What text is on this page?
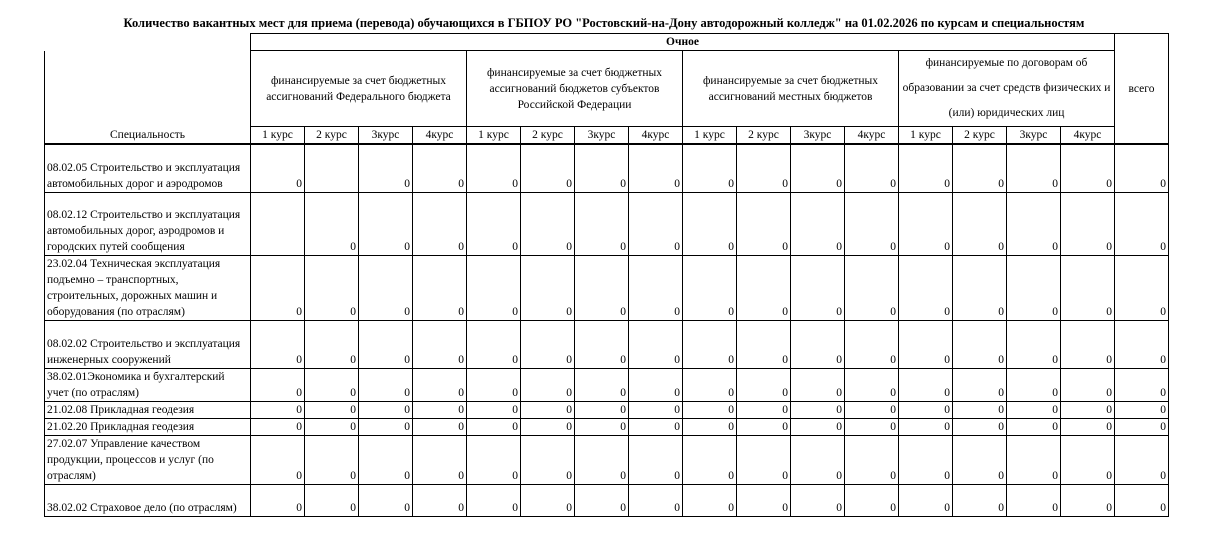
Количество вакантных мест для приема (перевода) обучающихся в ГБПОУ РО "Ростовский-на-Дону автодорожный колледж" на 01.02.2026 по курсам и специальностям
	Очное																
	финансируемые за счет бюджетных ассигнований Федерального бюджета				финансируемые за счет бюджетных ассигнований бюджетов субъектов Российской Федерации				финансируемые за счет бюджетных ассигнований местных бюджетов				финансируемые по договорам об образовании за счет средств физических и (или) юридических лиц				всего
Специальность	1 курс	2 курс	3курс	4курс	1 курс	2 курс	3курс	4курс	1 курс	2 курс	3курс	4курс	1 курс	2 курс	3курс	4курс	
08.02.05 Строительство и эксплуатация автомобильных дорог и аэродромов	0		0	0	0	0	0	0	0	0	0	0	0	0	0	0	0
08.02.12 Строительство и эксплуатация автомобильных дорог, аэродромов и городских путей сообщения		0	0	0	0	0	0	0	0	0	0	0	0	0	0	0	0
23.02.04 Техническая эксплуатация подъемно – транспортных, строительных, дорожных машин и оборудования (по отраслям)	0	0	0	0	0	0	0	0	0	0	0	0	0	0	0	0	0
08.02.02 Строительство и эксплуатация инженерных сооружений	0	0	0	0	0	0	0	0	0	0	0	0	0	0	0	0	0
38.02.01Экономика и бухгалтерский учет (по отраслям)	0	0	0	0	0	0	0	0	0	0	0	0	0	0	0	0	0
21.02.08 Прикладная геодезия	0	0	0	0	0	0	0	0	0	0	0	0	0	0	0	0	0
21.02.20 Прикладная геодезия	0	0	0	0	0	0	0	0	0	0	0	0	0	0	0	0	0
27.02.07 Управление качеством продукции, процессов и услуг (по отраслям)	0	0	0	0	0	0	0	0	0	0	0	0	0	0	0	0	0
38.02.02 Страховое дело (по отраслям)	0	0	0	0	0	0	0	0	0	0	0	0	0	0	0	0	0
